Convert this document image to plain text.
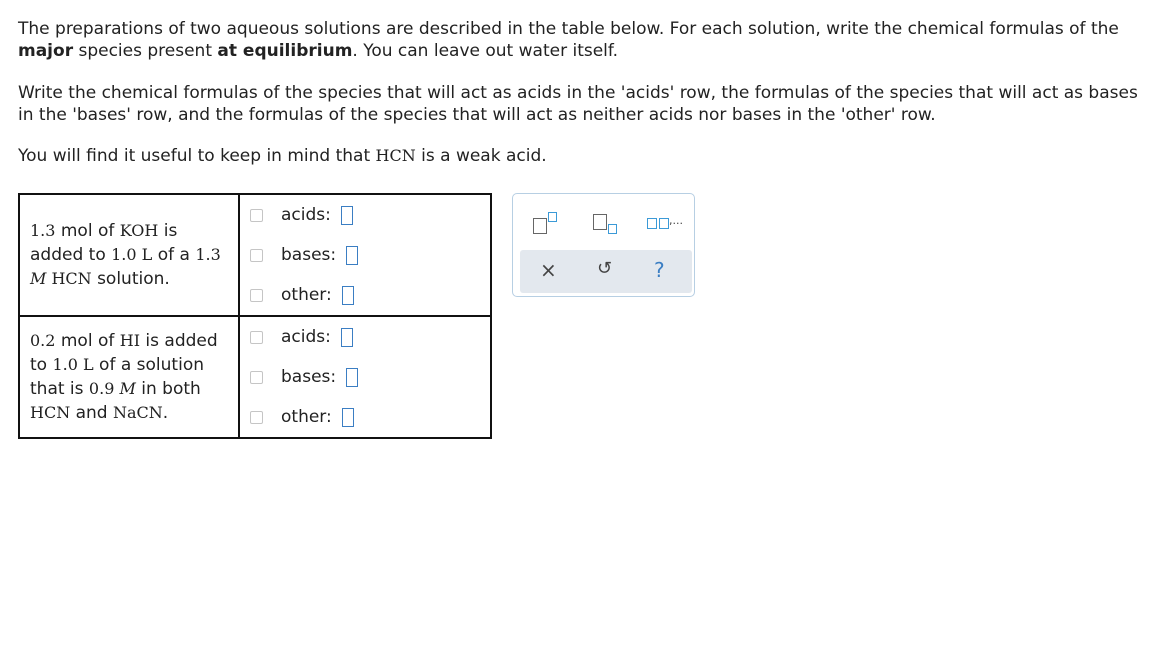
The preparations of two aqueous solutions are described in the table below. For each solution, write the chemical formulas of the major species present at equilibrium. You can leave out water itself.

Write the chemical formulas of the species that will act as acids in the 'acids' row, the formulas of the species that will act as bases in the 'bases' row, and the formulas of the species that will act as neither acids nor bases in the 'other' row.

You will find it useful to keep in mind that HCN is a weak acid.

1.3 mol of KOH is added to 1.0 L of a 1.3 M HCN solution.	acids:
bases:
other:

0.2 mol of HI is added to 1.0 L of a solution that is 0.9 M in both HCN and NaCN.	acids:
bases:
other:
,...
× ↺ ?
